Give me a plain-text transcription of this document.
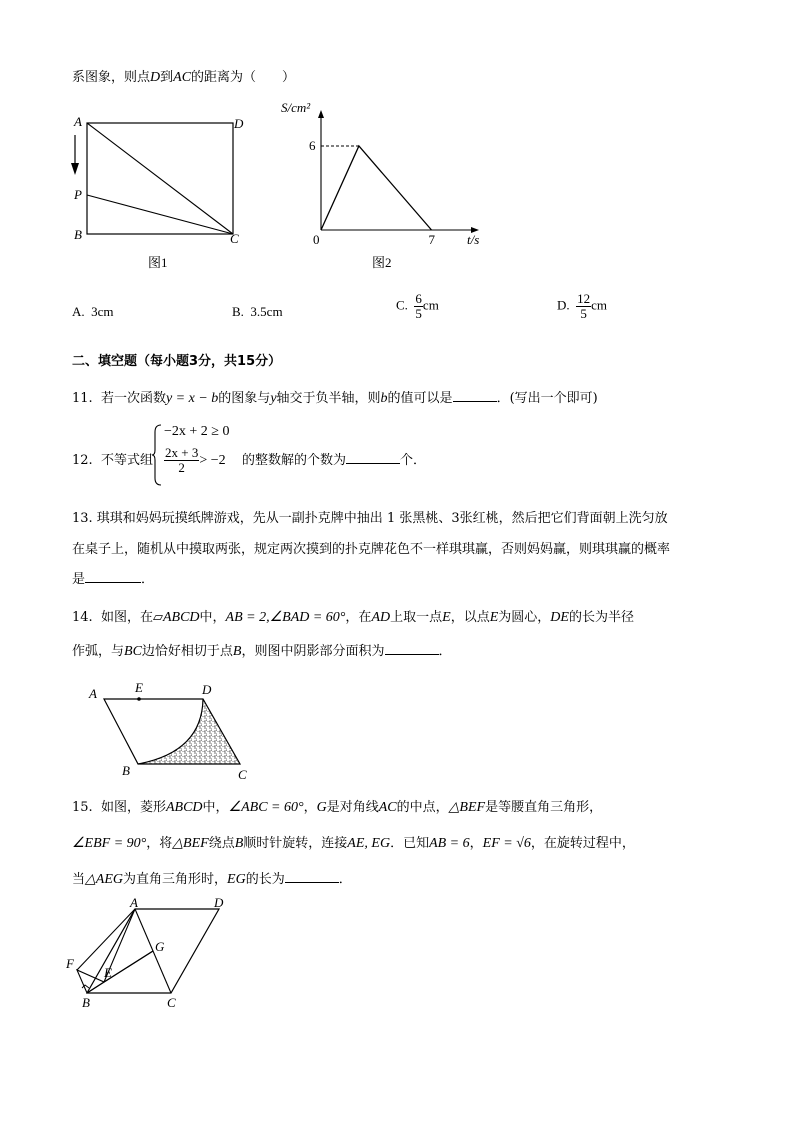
系图象，则点D到AC的距离为（　　）
A	D
P
B	C
图1
S/cm²
t/s
0
6
7
图2
A. 3cm	B. 3.5cm	C. $\frac{6}{5}$ cm	D. $\frac{12}{5}$ cm
二、填空题（每小题3分，共15分）
11. 若一次函数y = x − b的图象与y轴交于负半轴，则b的值可以是	．(写出一个即可)
12. 不等式组
−2x + 2 ≥ 0
$\frac{2x + 3}{2} > -2$ 的整数解的个数为	个．
13. 琪琪和妈妈玩摸纸牌游戏，先从一副扑克牌中抽出 1 张黑桃、3张红桃，然后把它们背面朝上洗匀放
在桌子上，随机从中摸取两张，规定两次摸到的扑克牌花色不一样琪琪赢，否则妈妈赢，则琪琪赢的概率
是	．
14. 如图，在▱ABCD中，AB = 2,∠BAD = 60°，在AD上取一点E，以点E为圆心，DE的长为半径
作弧，与BC边恰好相切于点B，则图中阴影部分面积为	．
A	E	D
B	C
15. 如图，菱形ABCD中，∠ABC = 60°，G是对角线AC的中点，△BEF是等腰直角三角形，
∠EBF = 90°，将△BEF绕点B顺时针旋转，连接AE, EG．已知AB = 6，EF = √6，在旋转过程中，
当△AEG为直角三角形时，EG的长为	．
A	D
G
F
E
B	C
